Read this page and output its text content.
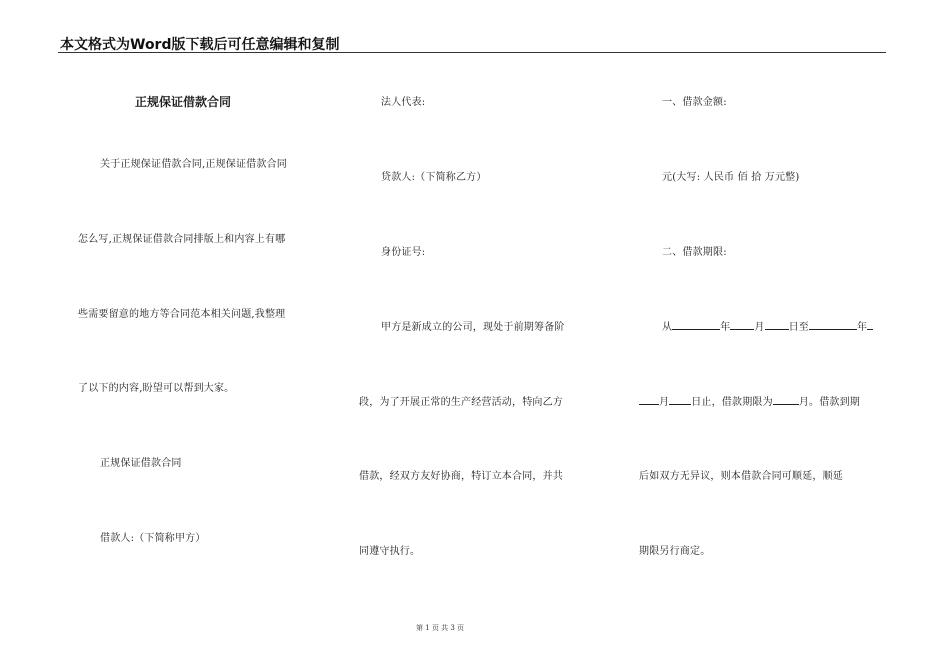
本文格式为Word版下载后可任意编辑和复制
正规保证借款合同
关于正规保证借款合同,正规保证借款合同
怎么写,正规保证借款合同排版上和内容上有哪
些需要留意的地方等合同范本相关问题,我整理
了以下的内容,盼望可以帮到大家。
正规保证借款合同
借款人:（下简称甲方）
法人代表:
贷款人:（下简称乙方）
身份证号:
甲方是新成立的公司，现处于前期筹备阶
段，为了开展正常的生产经营活动，特向乙方
借款，经双方友好协商，特订立本合同，并共
同遵守执行。
一、借款金额:
元(大写: 人民币 佰 拾 万元整)
二、借款期限:
从	年 月 日至	年
月 日止，借款期限为	月。借款到期
后如双方无异议，则本借款合同可顺延，顺延
期限另行商定。
第 1 页 共 3 页
